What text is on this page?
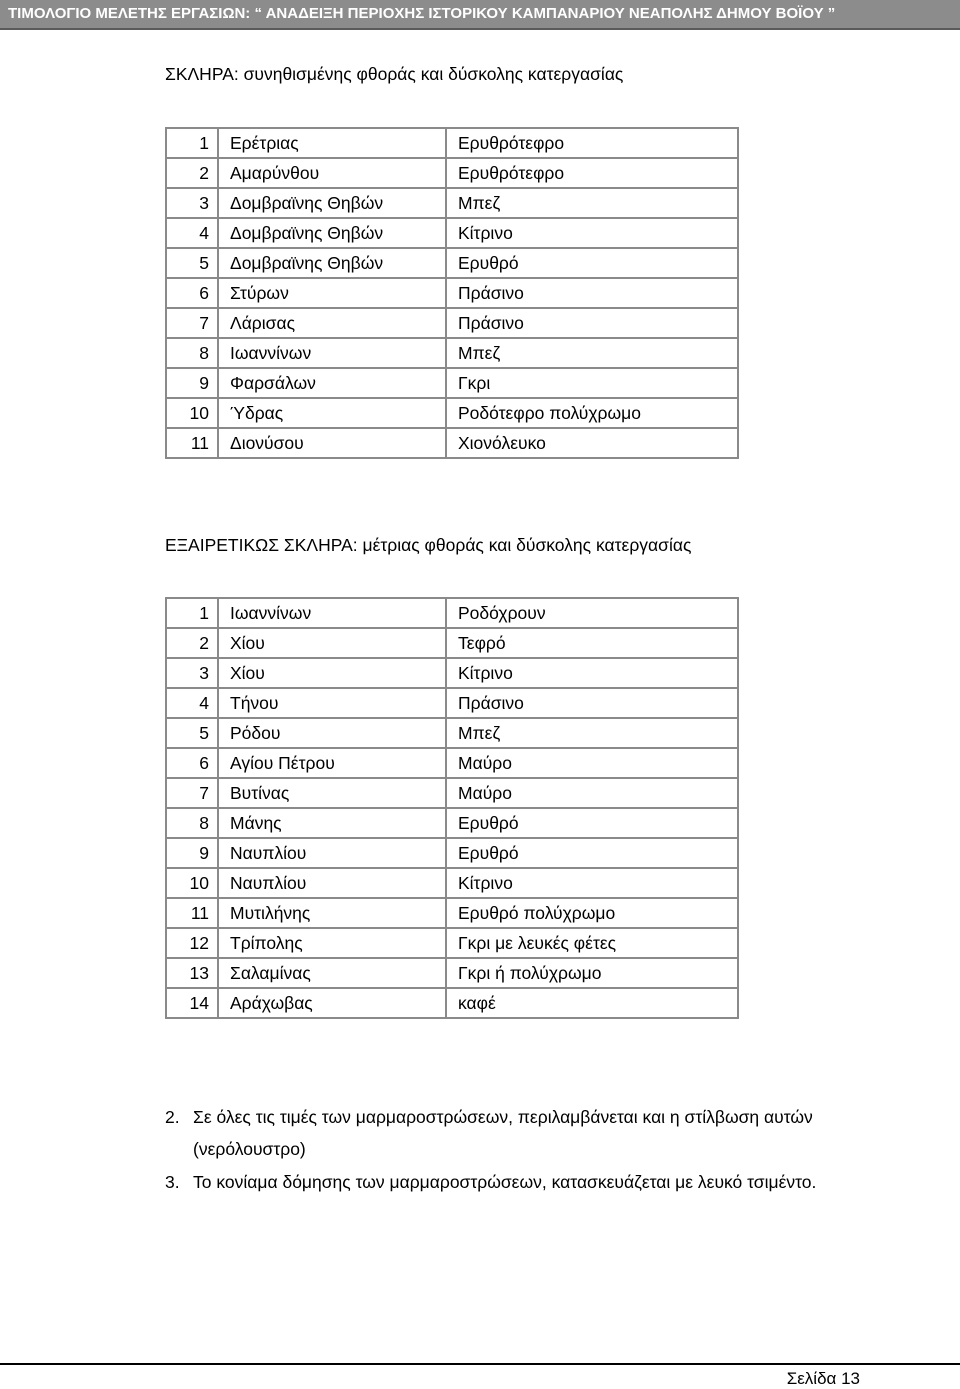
ΤΙΜΟΛΟΓΙΟ ΜΕΛΕΤΗΣ ΕΡΓΑΣΙΩΝ: “ ΑΝΑΔΕΙΞΗ ΠΕΡΙΟΧΗΣ ΙΣΤΟΡΙΚΟΥ ΚΑΜΠΑΝΑΡΙΟΥ ΝΕΑΠΟΛΗΣ ΔΗΜΟΥ ΒΟΪΟΥ ”
ΣΚΛΗΡΑ: συνηθισμένης φθοράς και δύσκολης κατεργασίας
1	Ερέτριας	Ερυθρότεφρο
2	Αμαρύνθου	Ερυθρότεφρο
3	Δομβραϊνης Θηβών	Μπεζ
4	Δομβραϊνης Θηβών	Κίτρινο
5	Δομβραϊνης Θηβών	Ερυθρό
6	Στύρων	Πράσινο
7	Λάρισας	Πράσινο
8	Ιωαννίνων	Μπεζ
9	Φαρσάλων	Γκρι
10	Ύδρας	Ροδότεφρο πολύχρωμο
11	Διονύσου	Χιονόλευκο
ΕΞΑΙΡΕΤΙΚΩΣ ΣΚΛΗΡΑ: μέτριας φθοράς και δύσκολης κατεργασίας
1	Ιωαννίνων	Ροδόχρουν
2	Χίου	Τεφρό
3	Χίου	Κίτρινο
4	Τήνου	Πράσινο
5	Ρόδου	Μπεζ
6	Αγίου Πέτρου	Μαύρο
7	Βυτίνας	Μαύρο
8	Μάνης	Ερυθρό
9	Ναυπλίου	Ερυθρό
10	Ναυπλίου	Κίτρινο
11	Μυτιλήνης	Ερυθρό πολύχρωμο
12	Τρίπολης	Γκρι με λευκές φέτες
13	Σαλαμίνας	Γκρι ή πολύχρωμο
14	Αράχωβας	καφέ
2. Σε όλες τις τιμές των μαρμαροστρώσεων, περιλαμβάνεται και η στίλβωση αυτών
(νερόλουστρο)
3. Το κονίαμα δόμησης των μαρμαροστρώσεων, κατασκευάζεται με λευκό τσιμέντο.
Σελίδα 13
